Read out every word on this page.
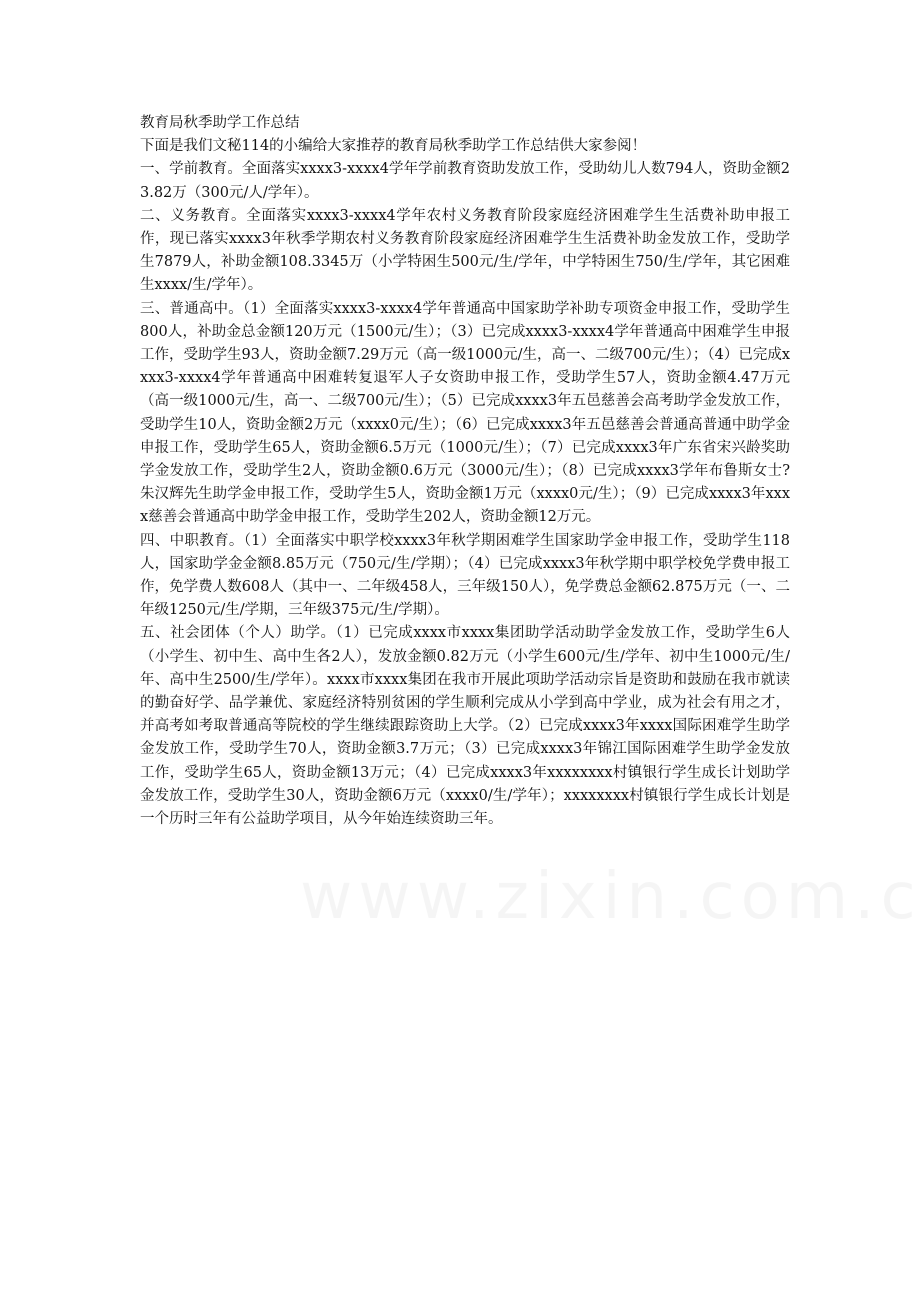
教育局秋季助学工作总结

下面是我们文秘114的小编给大家推荐的教育局秋季助学工作总结供大家参阅！

一、学前教育。全面落实xxxx3-xxxx4学年学前教育资助发放工作，受助幼儿人数794人，资助金额23.82万（300元/人/学年）。

二、义务教育。全面落实xxxx3-xxxx4学年农村义务教育阶段家庭经济困难学生生活费补助申报工作，现已落实xxxx3年秋季学期农村义务教育阶段家庭经济困难学生生活费补助金发放工作，受助学生7879人，补助金额108.3345万（小学特困生500元/生/学年，中学特困生750/生/学年，其它困难生xxxx/生/学年）。

三、普通高中。（1）全面落实xxxx3-xxxx4学年普通高中国家助学补助专项资金申报工作，受助学生800人，补助金总金额120万元（1500元/生）；（3）已完成xxxx3-xxxx4学年普通高中困难学生申报工作，受助学生93人，资助金额7.29万元（高一级1000元/生，高一、二级700元/生）；（4）已完成xxxx3-xxxx4学年普通高中困难转复退军人子女资助申报工作，受助学生57人，资助金额4.47万元（高一级1000元/生，高一、二级700元/生）；（5）已完成xxxx3年五邑慈善会高考助学金发放工作，受助学生10人，资助金额2万元（xxxx0元/生）；（6）已完成xxxx3年五邑慈善会普通高普通中助学金申报工作，受助学生65人，资助金额6.5万元（1000元/生）；（7）已完成xxxx3年广东省宋兴龄奖助学金发放工作，受助学生2人，资助金额0.6万元（3000元/生）；（8）已完成xxxx3学年布鲁斯女士?朱汉辉先生助学金申报工作，受助学生5人，资助金额1万元（xxxx0元/生）；（9）已完成xxxx3年xxxx慈善会普通高中助学金申报工作，受助学生202人，资助金额12万元。

四、中职教育。（1）全面落实中职学校xxxx3年秋学期困难学生国家助学金申报工作，受助学生118人，国家助学金金额8.85万元（750元/生/学期）；（4）已完成xxxx3年秋学期中职学校免学费申报工作，免学费人数608人（其中一、二年级458人，三年级150人），免学费总金额62.875万元（一、二年级1250元/生/学期，三年级375元/生/学期）。

五、社会团体（个人）助学。（1）已完成xxxx市xxxx集团助学活动助学金发放工作，受助学生6人（小学生、初中生、高中生各2人），发放金额0.82万元（小学生600元/生/学年、初中生1000元/生/年、高中生2500/生/学年）。xxxx市xxxx集团在我市开展此项助学活动宗旨是资助和鼓励在我市就读的勤奋好学、品学兼优、家庭经济特别贫困的学生顺利完成从小学到高中学业，成为社会有用之才，并高考如考取普通高等院校的学生继续跟踪资助上大学。（2）已完成xxxx3年xxxx国际困难学生助学金发放工作，受助学生70人，资助金额3.7万元；（3）已完成xxxx3年锦江国际困难学生助学金发放工作，受助学生65人，资助金额13万元；（4）已完成xxxx3年xxxxxxxx村镇银行学生成长计划助学金发放工作，受助学生30人，资助金额6万元（xxxx0/生/学年）；xxxxxxxx村镇银行学生成长计划是一个历时三年有公益助学项目，从今年始连续资助三年。
